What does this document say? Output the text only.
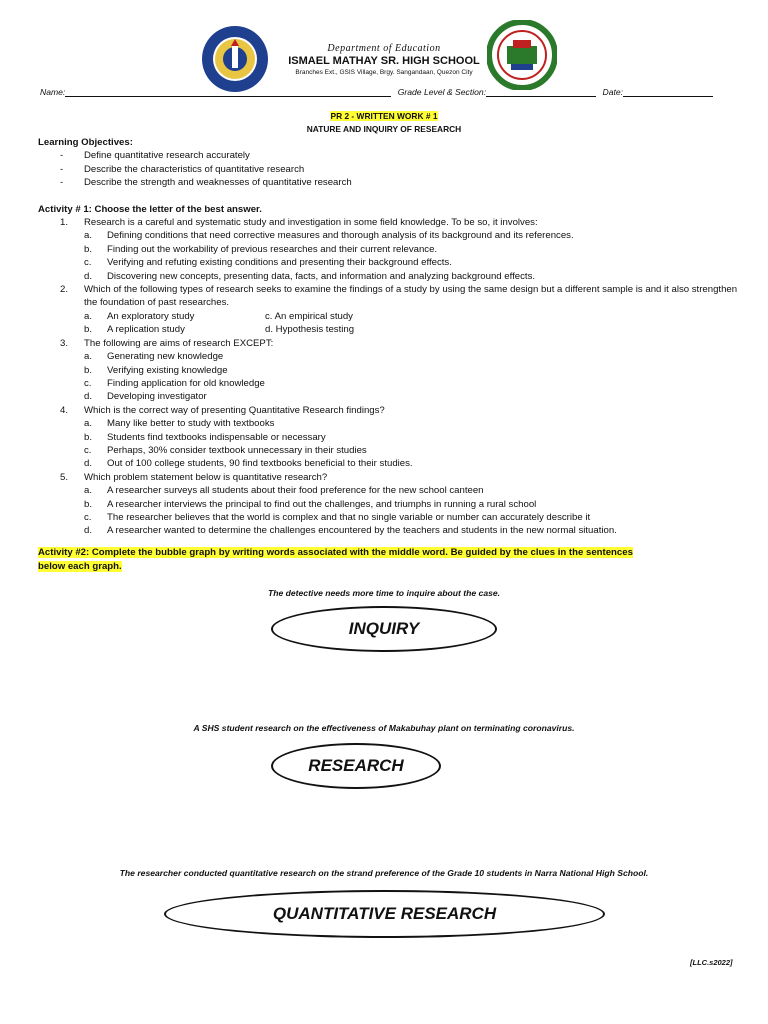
Department of Education
ISMAEL MATHAY SR. HIGH SCHOOL
Branches Ext., GSIS Village, Brgy. Sangandaan, Quezon City
Name:	Grade Level & Section:	Date:
PR 2 - WRITTEN WORK # 1
NATURE AND INQUIRY OF RESEARCH
Learning Objectives:
- Define quantitative research accurately
- Describe the characteristics of quantitative research
- Describe the strength and weaknesses of quantitative research
Activity # 1: Choose the letter of the best answer.
1. Research is a careful and systematic study and investigation in some field knowledge. To be so, it involves:
a. Defining conditions that need corrective measures and thorough analysis of its background and its references.
b. Finding out the workability of previous researches and their current relevance.
c. Verifying and refuting existing conditions and presenting their background effects.
d. Discovering new concepts, presenting data, facts, and information and analyzing background effects.
2. Which of the following types of research seeks to examine the findings of a study by using the same design but a different sample is and it also strengthen the foundation of past researches.
a. An exploratory study	c. An empirical study
b. A replication study	d. Hypothesis testing
3. The following are aims of research EXCEPT:
a. Generating new knowledge
b. Verifying existing knowledge
c. Finding application for old knowledge
d. Developing investigator
4. Which is the correct way of presenting Quantitative Research findings?
a. Many like better to study with textbooks
b. Students find textbooks indispensable or necessary
c. Perhaps, 30% consider textbook unnecessary in their studies
d. Out of 100 college students, 90 find textbooks beneficial to their studies.
5. Which problem statement below is quantitative research?
a. A researcher surveys all students about their food preference for the new school canteen
b. A researcher interviews the principal to find out the challenges, and triumphs in running a rural school
c. The researcher believes that the world is complex and that no single variable or number can accurately describe it
d. A researcher wanted to determine the challenges encountered by the teachers and students in the new normal situation.
Activity #2: Complete the bubble graph by writing words associated with the middle word. Be guided by the clues in the sentences
below each graph.
The detective needs more time to inquire about the case.
INQUIRY
A SHS student research on the effectiveness of Makabuhay plant on terminating coronavirus.
RESEARCH
The researcher conducted quantitative research on the strand preference of the Grade 10 students in Narra National High School.
QUANTITATIVE RESEARCH
[LLC.s2022]
